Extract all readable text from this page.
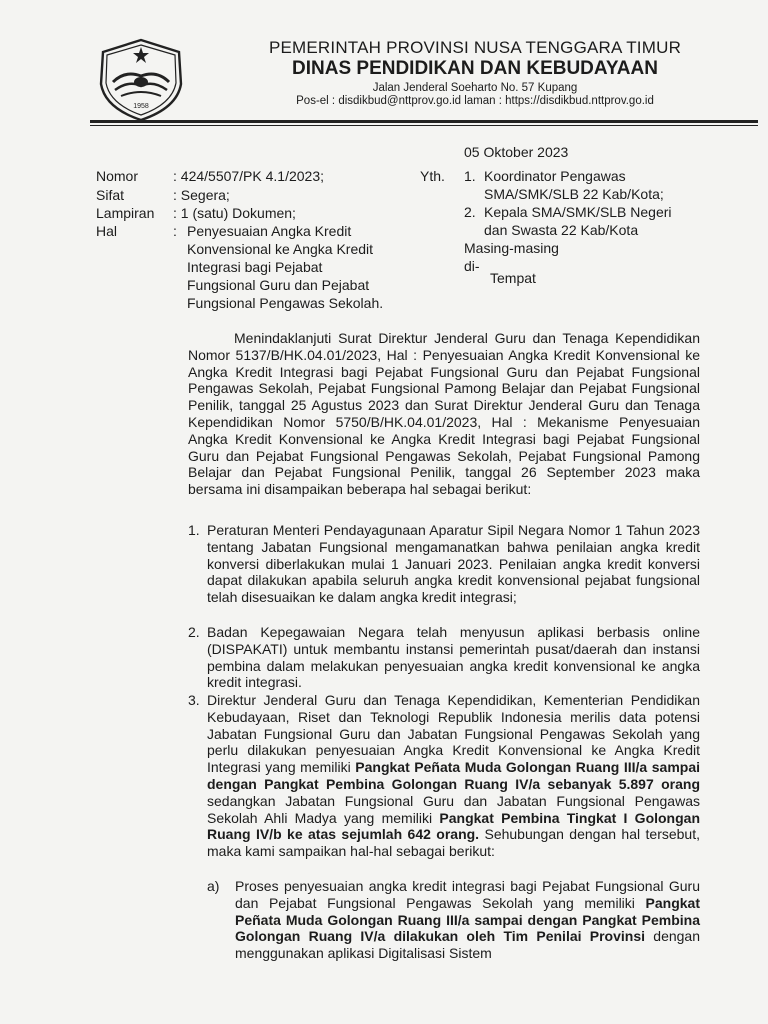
1958
PEMERINTAH PROVINSI NUSA TENGGARA TIMUR
DINAS PENDIDIKAN DAN KEBUDAYAAN
Jalan Jenderal Soeharto No. 57 Kupang
Pos-el : disdikbud@nttprov.go.id laman : https://disdikbud.nttprov.go.id
05 Oktober 2023
Nomor : 424/5507/PK 4.1/2023;
Sifat	: Segera;
Lampiran : 1 (satu) Dokumen;
Hal	: Penyesuaian Angka Kredit
Konvensional ke Angka Kredit
Integrasi bagi Pejabat
Fungsional Guru dan Pejabat
Fungsional Pengawas Sekolah.
Yth. 1. Koordinator Pengawas
SMA/SMK/SLB 22 Kab/Kota;
2. Kepala SMA/SMK/SLB Negeri
dan Swasta 22 Kab/Kota
Masing-masing
di-
Tempat
Menindaklanjuti Surat Direktur Jenderal Guru dan Tenaga Kependidikan Nomor 5137/B/HK.04.01/2023, Hal : Penyesuaian Angka Kredit Konvensional ke Angka Kredit Integrasi bagi Pejabat Fungsional Guru dan Pejabat Fungsional Pengawas Sekolah, Pejabat Fungsional Pamong Belajar dan Pejabat Fungsional Penilik, tanggal 25 Agustus 2023 dan Surat Direktur Jenderal Guru dan Tenaga Kependidikan Nomor 5750/B/HK.04.01/2023, Hal : Mekanisme Penyesuaian Angka Kredit Konvensional ke Angka Kredit Integrasi bagi Pejabat Fungsional Guru dan Pejabat Fungsional Pengawas Sekolah, Pejabat Fungsional Pamong Belajar dan Pejabat Fungsional Penilik, tanggal 26 September 2023 maka bersama ini disampaikan beberapa hal sebagai berikut:
1. Peraturan Menteri Pendayagunaan Aparatur Sipil Negara Nomor 1 Tahun 2023 tentang Jabatan Fungsional mengamanatkan bahwa penilaian angka kredit konversi diberlakukan mulai 1 Januari 2023. Penilaian angka kredit konversi dapat dilakukan apabila seluruh angka kredit konvensional pejabat fungsional telah disesuaikan ke dalam angka kredit integrasi;
2. Badan Kepegawaian Negara telah menyusun aplikasi berbasis online (DISPAKATI) untuk membantu instansi pemerintah pusat/daerah dan instansi pembina dalam melakukan penyesuaian angka kredit konvensional ke angka kredit integrasi.
3. Direktur Jenderal Guru dan Tenaga Kependidikan, Kementerian Pendidikan Kebudayaan, Riset dan Teknologi Republik Indonesia merilis data potensi Jabatan Fungsional Guru dan Jabatan Fungsional Pengawas Sekolah yang perlu dilakukan penyesuaian Angka Kredit Konvensional ke Angka Kredit Integrasi yang memiliki Pangkat Peñata Muda Golongan Ruang III/a sampai dengan Pangkat Pembina Golongan Ruang IV/a sebanyak 5.897 orang sedangkan Jabatan Fungsional Guru dan Jabatan Fungsional Pengawas Sekolah Ahli Madya yang memiliki Pangkat Pembina Tingkat I Golongan Ruang IV/b ke atas sejumlah 642 orang. Sehubungan dengan hal tersebut, maka kami sampaikan hal-hal sebagai berikut:
a) Proses penyesuaian angka kredit integrasi bagi Pejabat Fungsional Guru dan Pejabat Fungsional Pengawas Sekolah yang memiliki Pangkat Peñata Muda Golongan Ruang III/a sampai dengan Pangkat Pembina Golongan Ruang IV/a dilakukan oleh Tim Penilai Provinsi dengan menggunakan aplikasi Digitalisasi Sistem
